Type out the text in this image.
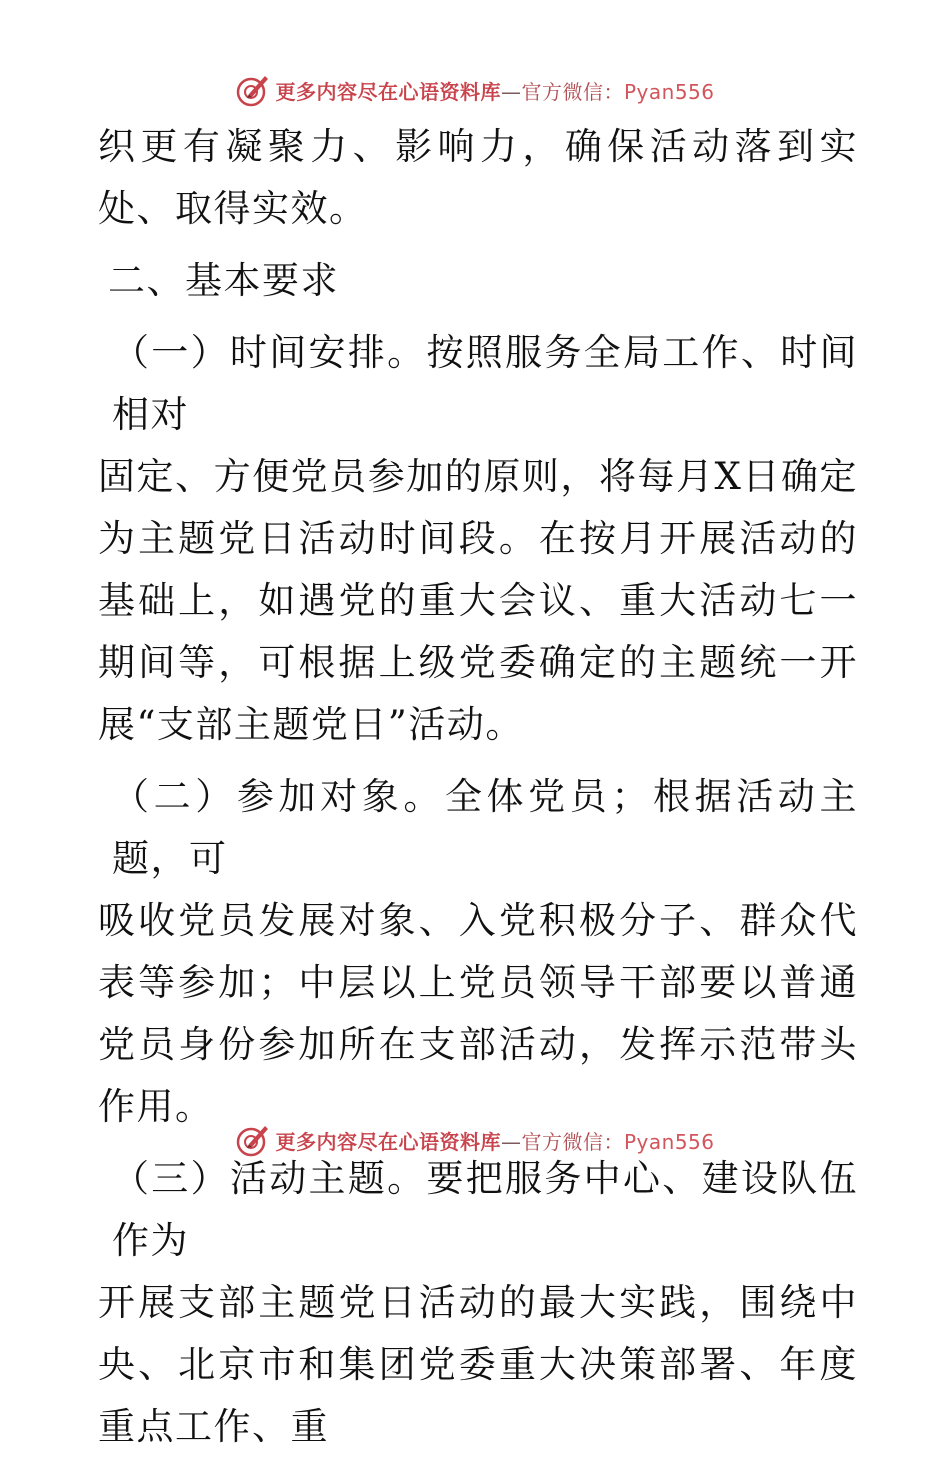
更多内容尽在心语资料库—官方微信：Pyan556

织更有凝聚力、影响力，确保活动落到实处、取得实效。

二、基本要求

（一）时间安排。按照服务全局工作、时间相对

固定、方便党员参加的原则，将每月X日确定为主题党日活动时间段。在按月开展活动的基础上，如遇党的重大会议、重大活动七一期间等，可根据上级党委确定的主题统一开展“支部主题党日”活动。

（二）参加对象。全体党员；根据活动主题，可

吸收党员发展对象、入党积极分子、群众代表等参加；中层以上党员领导干部要以普通党员身份参加所在支部活动，发挥示范带头作用。

（三）活动主题。要把服务中心、建设队伍作为

开展支部主题党日活动的最大实践，围绕中央、北京市和集团党委重大决策部署、年度重点工作、重

更多内容尽在心语资料库—官方微信：Pyan556
